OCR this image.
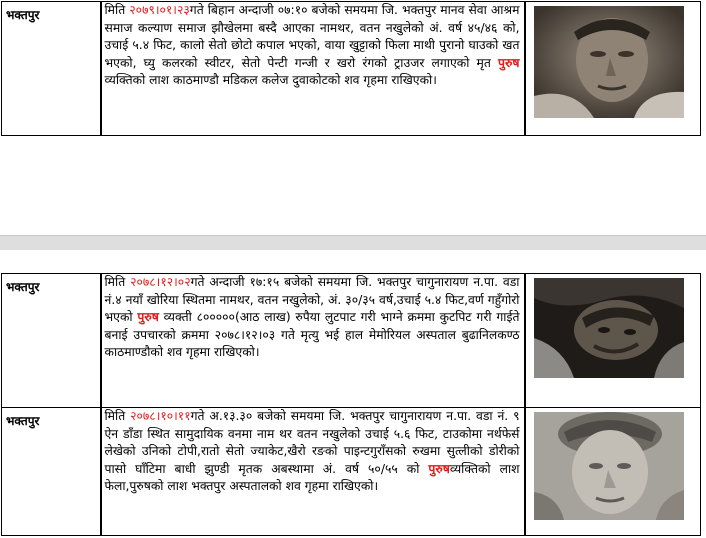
भक्तपुर	मिति २०७९।०१।२३गते बिहान अन्दाजी ०७:१० बजेको समयमा जि. भक्तपुर मानव सेवा आश्रम समाज कल्याण समाज झौखेलमा बस्दै आएका नामथर, वतन नखुलेको अं. वर्ष ४५/४६ को, उचाई ५.४ फिट, कालो सेतो छोटो कपाल भएको, वाया खुट्टाको फिला माथी पुरानो घाउको खत भएको, घ्यु कलरको स्वीटर, सेतो पेन्टी गन्जी र खरो रंगको ट्राउजर लगाएको मृत पुरुष व्यक्तिको लाश काठमाण्डौ मडिकल कलेज दुवाकोटको शव गृहमा राखिएको।	
भक्तपुर	मिति २०७८।१२।०२गते अन्दाजी १७:१५ बजेको समयमा जि. भक्तपुर चागुनारायण न.पा. वडा नं.४ नयाँ खोरिया स्थितमा नामथर, वतन नखुलेको, अं. ३०/३५ वर्ष,उचाई ५.४ फिट,वर्ण गहुँगोरो भएको पुरुष व्यक्ती ८०००००(आठ लाख) रुपैया लुटपाट गरी भाग्ने क्रममा कुटपिट गरी गाईते बनाई उपचारको क्रममा २०७८।१२।०३ गते मृत्यु भई हाल मेमोरियल अस्पताल बुढानिलकण्ठ काठमाण्डौको शव गृहमा राखिएको।	

भक्तपुर	मिति २०७८।१०।११गते अ.१३.३० बजेको समयमा जि. भक्तपुर चागुनारायण न.पा. वडा नं. ९ ऐन डाँडा स्थित सामुदायिक वनमा नाम थर वतन नखुलेको उचाई ५.६ फिट, टाउकोमा नर्थफेर्स लेखेको उनिको टोपी,रातो सेतो ज्याकेट,खैरो रङको पाइन्टगुराँसको रुखमा सुत्लीको डोरीको पासो घाँटिमा बाधी झुण्डी मृतक अबस्थामा अं. वर्ष ५०/५५ को पुरुषव्यक्तिको लाश फेला,पुरुषको लाश भक्तपुर अस्पतालको शव गृहमा राखिएको।	
